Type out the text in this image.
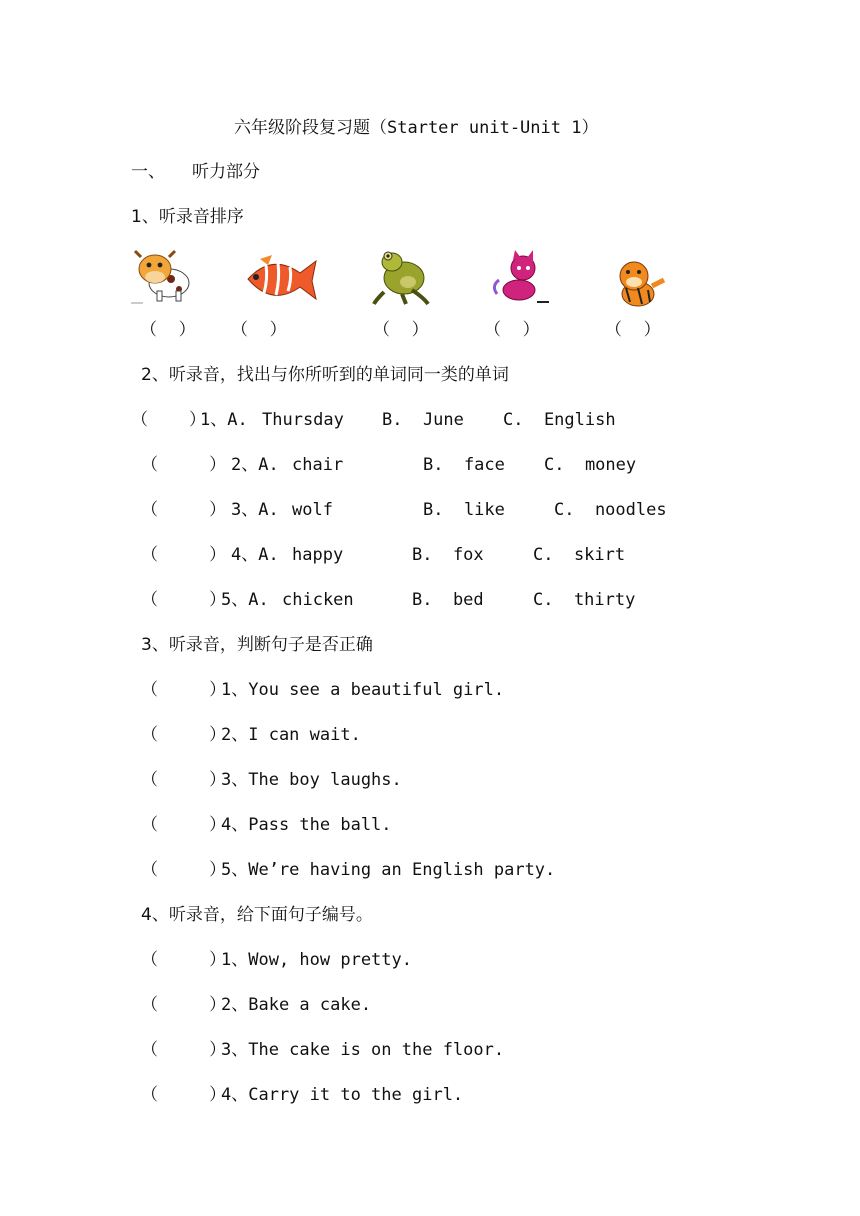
六年级阶段复习题（Starter unit-Unit 1）
一、 听力部分
1、听录音排序
（    ） （    ）	（    ）	（    ）	（    ）
2、听录音，找出与你所听到的单词同一类的单词
（    ）
1、A. Thursday B.  June C.  English
（     ） 2、A. chair	B.  face C.  money
（     ） 3、A. wolf	B.  like	C.  noodles
（     ） 4、A. happy	B.  fox	C.  skirt
（     ）
5、A. chicken	B.  bed	C.  thirty
3、听录音，判断句子是否正确
（     ）
1、You see a beautiful girl.
（     ）
2、I can wait.
（     ）
3、The boy laughs.
（     ）
4、Pass the ball.
（     ）
5、We’re having an English party.
4、听录音，给下面句子编号。
（     ）
1、Wow, how pretty.
（     ）
2、Bake a cake.
（     ）
3、The cake is on the floor.
（     ）
4、Carry it to the girl.
